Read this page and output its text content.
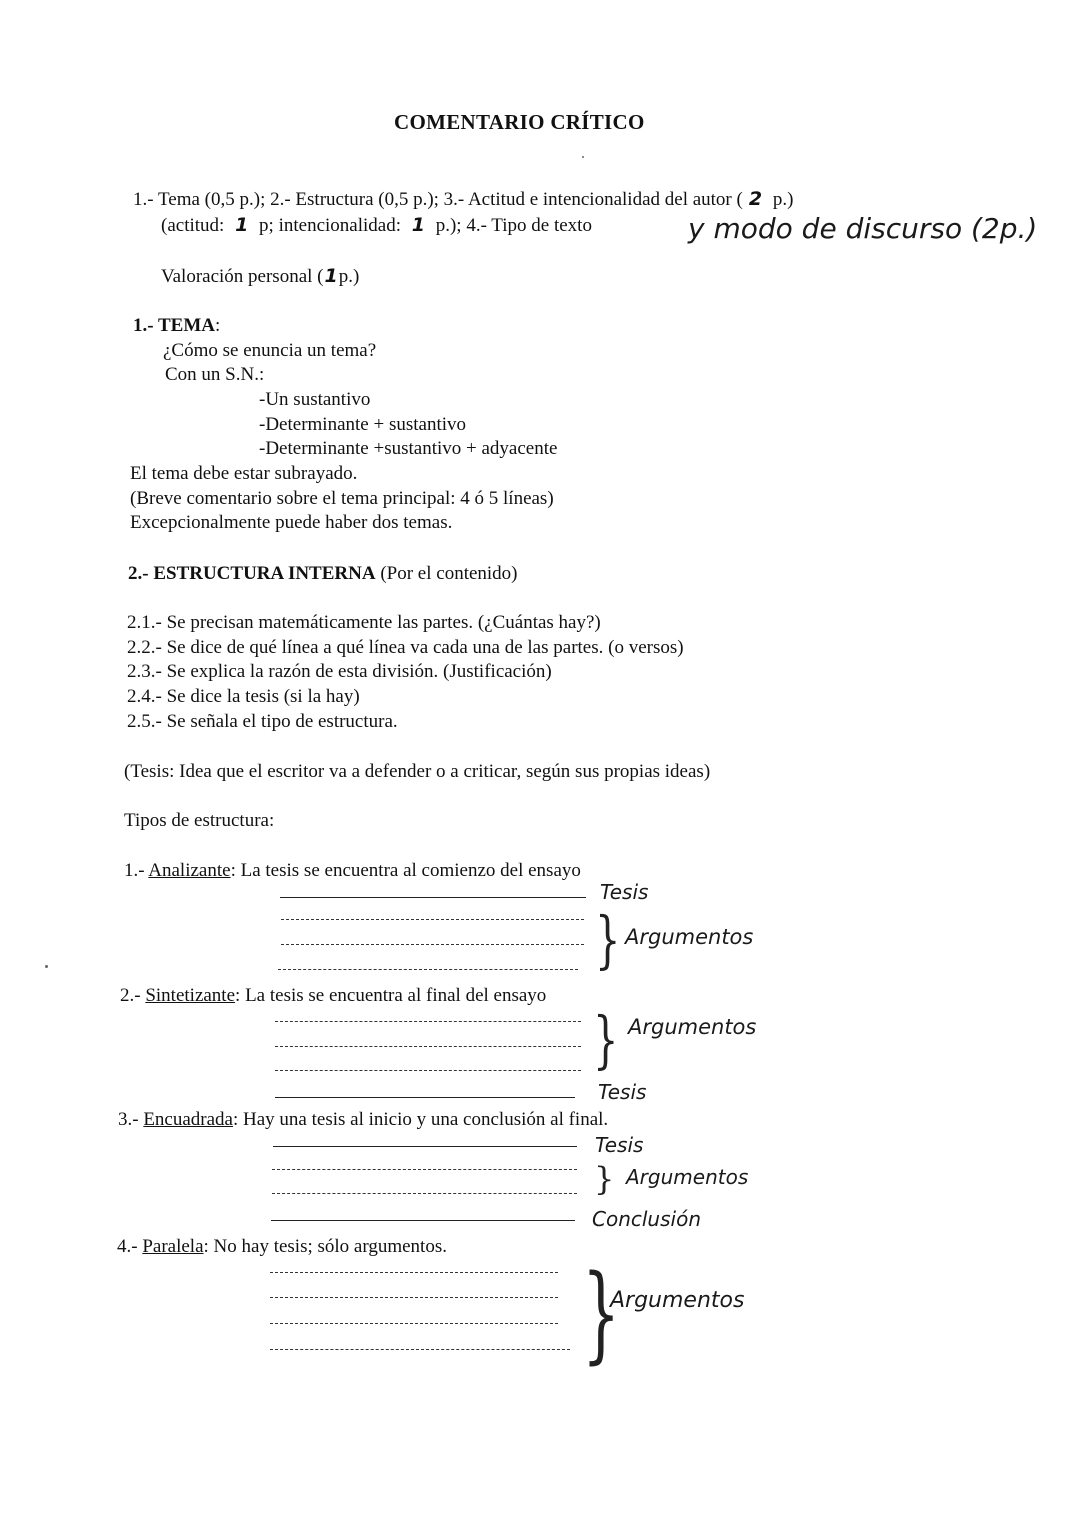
COMENTARIO CRÍTICO
1.- Tema (0,5 p.); 2.- Estructura (0,5 p.); 3.- Actitud e intencionalidad del autor ( 2 p.)
(actitud: 1 p; intencionalidad: 1 p.); 4.- Tipo de texto	y modo de discurso (2p.)
Valoración personal (1p.)
1.- TEMA:
¿Cómo se enuncia un tema?
Con un S.N.:
-Un sustantivo
-Determinante + sustantivo
-Determinante +sustantivo + adyacente
El tema debe estar subrayado.
(Breve comentario sobre el tema principal: 4 ó 5 líneas)
Excepcionalmente puede haber dos temas.
2.- ESTRUCTURA INTERNA (Por el contenido)
2.1.- Se precisan matemáticamente las partes. (¿Cuántas hay?)
2.2.- Se dice de qué línea a qué línea va cada una de las partes. (o versos)
2.3.- Se explica la razón de esta división. (Justificación)
2.4.- Se dice la tesis (si la hay)
2.5.- Se señala el tipo de estructura.
(Tesis: Idea que el escritor va a defender o a criticar, según sus propias ideas)
Tipos de estructura:
1.- Analizante: La tesis se encuentra al comienzo del ensayo
Tesis
} Argumentos
2.- Sintetizante: La tesis se encuentra al final del ensayo
} Argumentos
Tesis
3.- Encuadrada: Hay una tesis al inicio y una conclusión al final.
Tesis
} Argumentos
Conclusión
4.- Paralela: No hay tesis; sólo argumentos.
}
Argumentos
